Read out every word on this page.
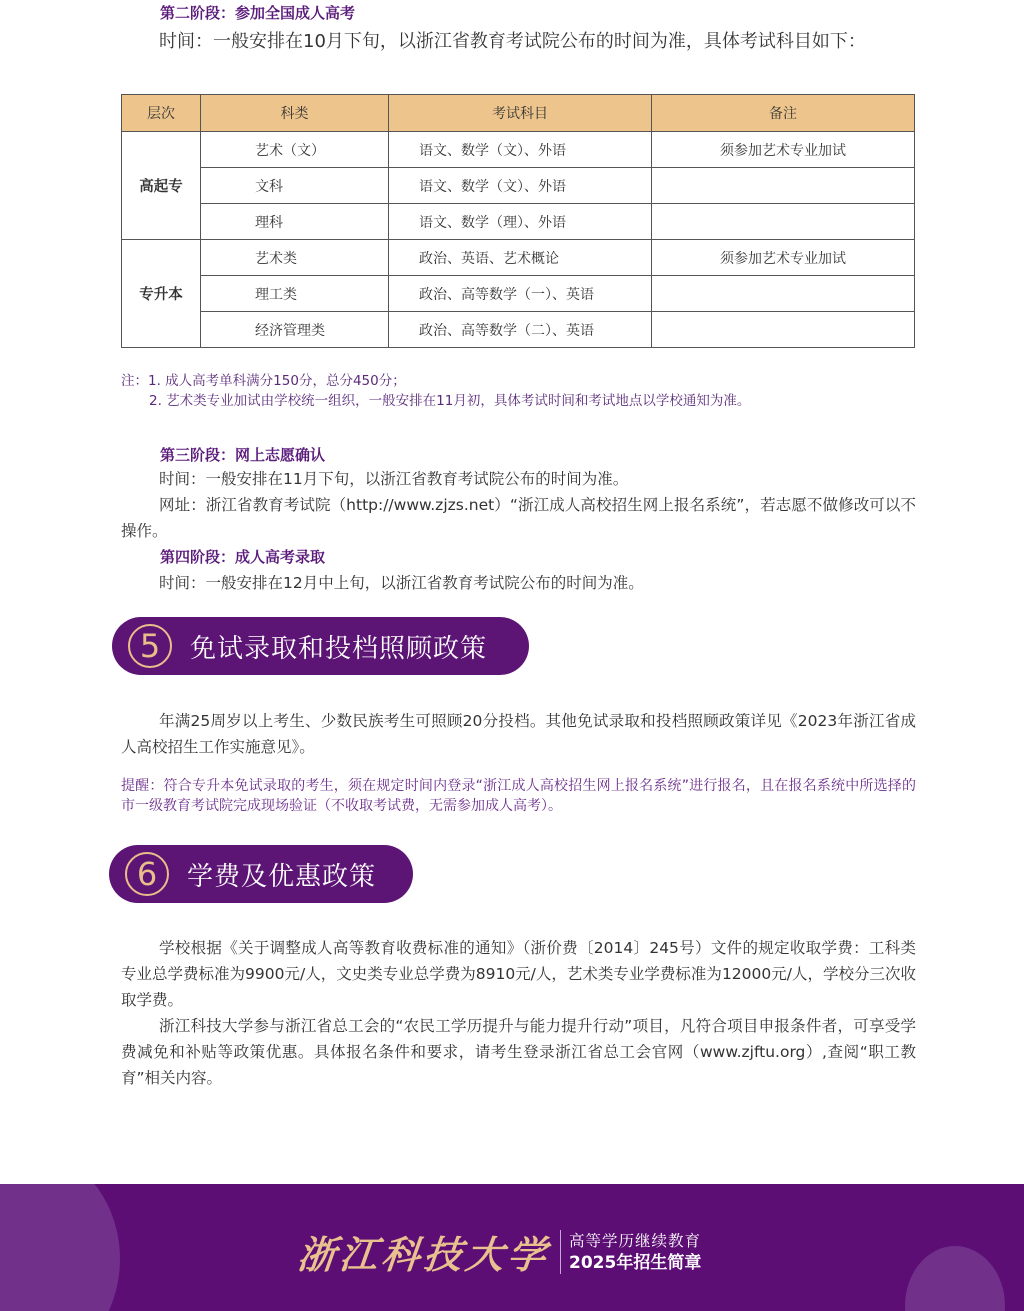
第二阶段：参加全国成人高考
时间：一般安排在10月下旬，以浙江省教育考试院公布的时间为准，具体考试科目如下：
层次	科类	考试科目	备注
高起专	艺术（文）	语文、数学（文）、外语	须参加艺术专业加试
	文科	语文、数学（文）、外语	
	理科	语文、数学（理）、外语	
专升本	艺术类	政治、英语、艺术概论	须参加艺术专业加试
	理工类	政治、高等数学（一）、英语	
	经济管理类	政治、高等数学（二）、英语	
注：1. 成人高考单科满分150分，总分450分；
2. 艺术类专业加试由学校统一组织，一般安排在11月初，具体考试时间和考试地点以学校通知为准。
第三阶段：网上志愿确认
时间：一般安排在11月下旬，以浙江省教育考试院公布的时间为准。
网址：浙江省教育考试院（http://www.zjzs.net）“浙江成人高校招生网上报名系统”，若志愿不做修改可以不操作。
第四阶段：成人高考录取
时间：一般安排在12月中上旬，以浙江省教育考试院公布的时间为准。
5	免试录取和投档照顾政策
年满25周岁以上考生、少数民族考生可照顾20分投档。其他免试录取和投档照顾政策详见《2023年浙江省成人高校招生工作实施意见》。
提醒：符合专升本免试录取的考生，须在规定时间内登录“浙江成人高校招生网上报名系统”进行报名，且在报名系统中所选择的市一级教育考试院完成现场验证（不收取考试费，无需参加成人高考）。
6	学费及优惠政策
学校根据《关于调整成人高等教育收费标准的通知》（浙价费〔2014〕245号）文件的规定收取学费：工科类专业总学费标准为9900元/人，文史类专业总学费为8910元/人，艺术类专业学费标准为12000元/人，学校分三次收取学费。
浙江科技大学参与浙江省总工会的“农民工学历提升与能力提升行动”项目，凡符合项目申报条件者，可享受学费减免和补贴等政策优惠。具体报名条件和要求，请考生登录浙江省总工会官网（www.zjftu.org）,查阅“职工教育”相关内容。
浙江科技大学 高等学历继续教育
2025年招生简章
